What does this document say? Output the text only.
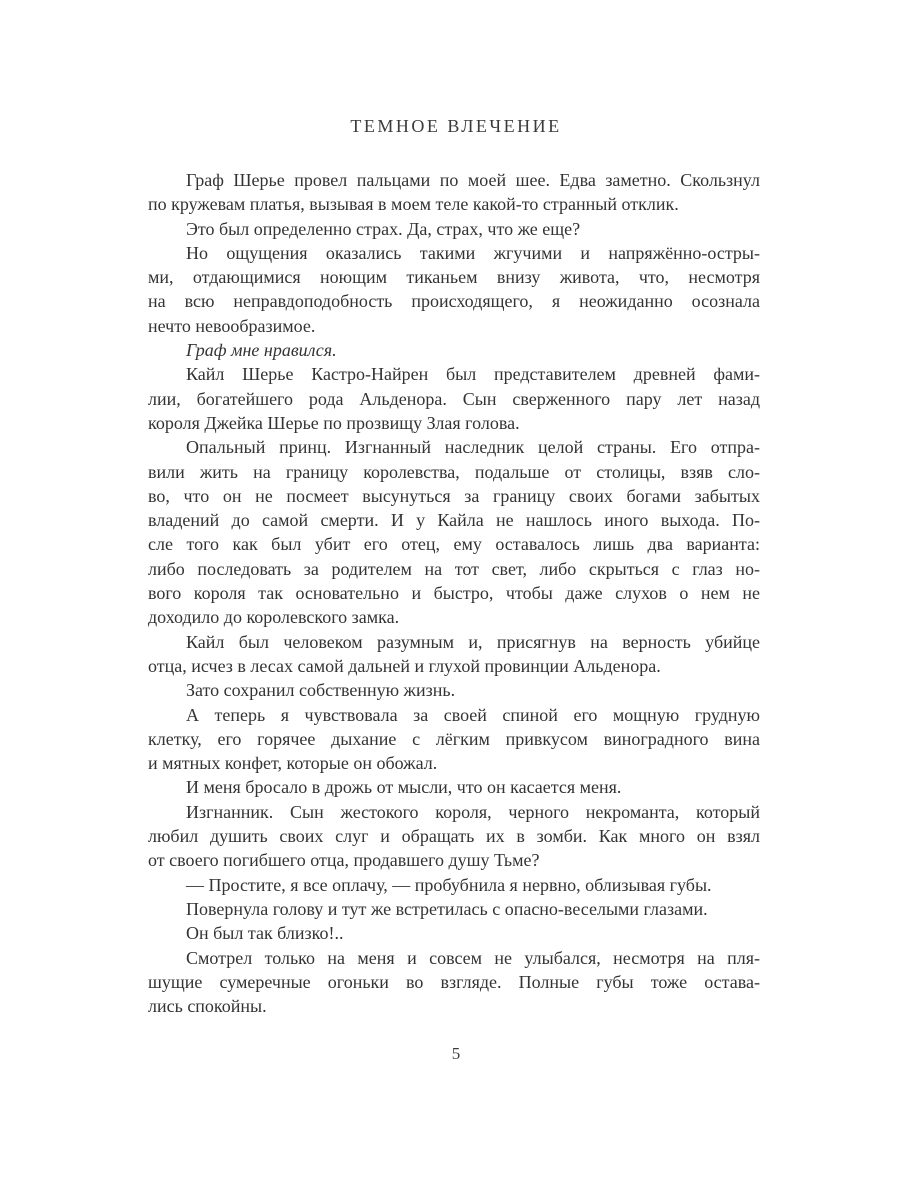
ТЕМНОЕ ВЛЕЧЕНИЕ
Граф Шерье провел пальцами по моей шее. Едва заметно. Скользнул
по кружевам платья, вызывая в моем теле какой-то странный отклик.
Это был определенно страх. Да, страх, что же еще?
Но ощущения оказались такими жгучими и напряжённо-остры-
ми, отдающимися ноющим тиканьем внизу живота, что, несмотря
на всю неправдоподобность происходящего, я неожиданно осознала
нечто невообразимое.
Граф мне нравился.
Кайл Шерье Кастро-Найрен был представителем древней фами-
лии, богатейшего рода Альденора. Сын сверженного пару лет назад
короля Джейка Шерье по прозвищу Злая голова.
Опальный принц. Изгнанный наследник целой страны. Его отпра-
вили жить на границу королевства, подальше от столицы, взяв сло-
во, что он не посмеет высунуться за границу своих богами забытых
владений до самой смерти. И у Кайла не нашлось иного выхода. По-
сле того как был убит его отец, ему оставалось лишь два варианта:
либо последовать за родителем на тот свет, либо скрыться с глаз но-
вого короля так основательно и быстро, чтобы даже слухов о нем не
доходило до королевского замка.
Кайл был человеком разумным и, присягнув на верность убийце
отца, исчез в лесах самой дальней и глухой провинции Альденора.
Зато сохранил собственную жизнь.
А теперь я чувствовала за своей спиной его мощную грудную
клетку, его горячее дыхание с лёгким привкусом виноградного вина
и мятных конфет, которые он обожал.
И меня бросало в дрожь от мысли, что он касается меня.
Изгнанник. Сын жестокого короля, черного некроманта, который
любил душить своих слуг и обращать их в зомби. Как много он взял
от своего погибшего отца, продавшего душу Тьме?
— Простите, я все оплачу, — пробубнила я нервно, облизывая губы.
Повернула голову и тут же встретилась с опасно-веселыми глазами.
Он был так близко!..
Смотрел только на меня и совсем не улыбался, несмотря на пля-
шущие сумеречные огоньки во взгляде. Полные губы тоже остава-
лись спокойны.
5
